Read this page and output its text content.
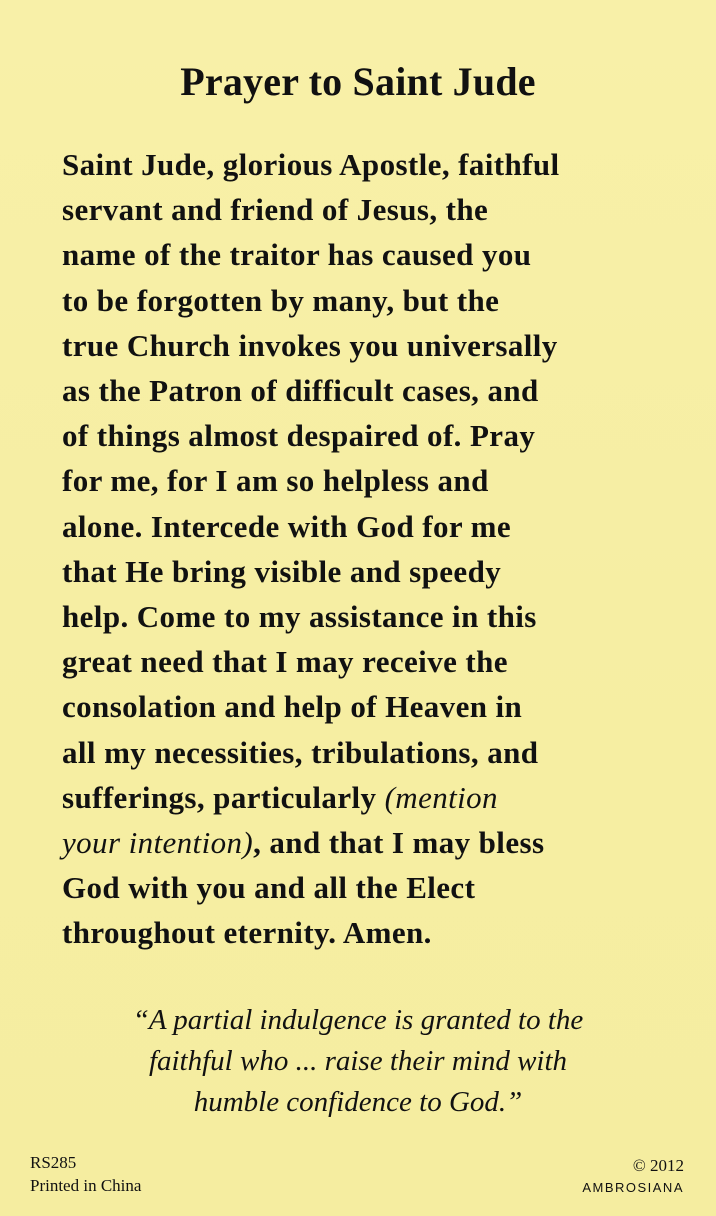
Prayer to Saint Jude

Saint Jude, glorious Apostle, faithful
servant and friend of Jesus, the
name of the traitor has caused you
to be forgotten by many, but the
true Church invokes you universally
as the Patron of difficult cases, and
of things almost despaired of. Pray
for me, for I am so helpless and
alone. Intercede with God for me
that He bring visible and speedy
help. Come to my assistance in this
great need that I may receive the
consolation and help of Heaven in
all my necessities, tribulations, and
sufferings, particularly (mention
your intention), and that I may bless
God with you and all the Elect
throughout eternity. Amen.

“A partial indulgence is granted to the
faithful who ... raise their mind with
humble confidence to God.”

RS285
Printed in China
© 2012
AMBROSIANA
